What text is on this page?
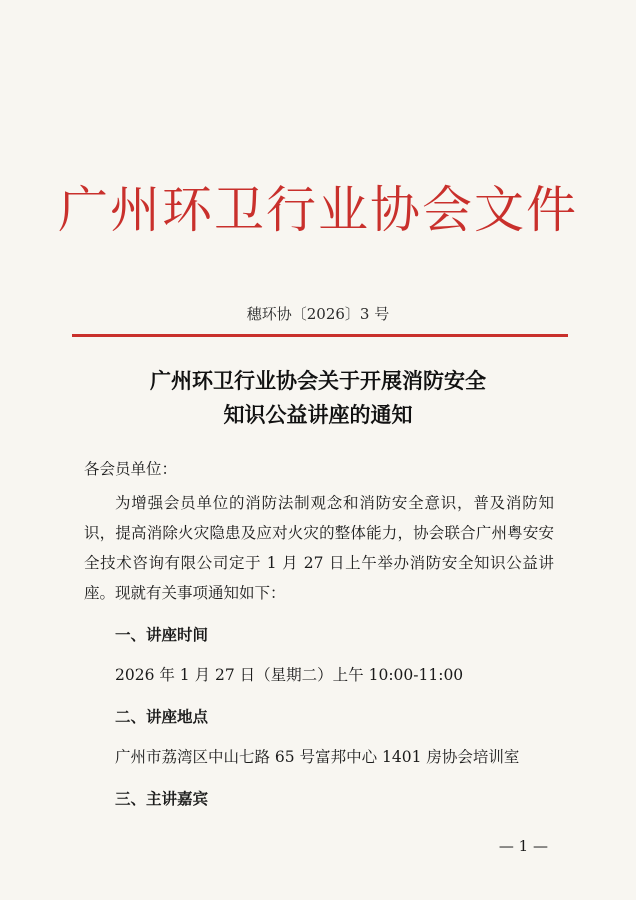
广州环卫行业协会文件
穗环协〔2026〕3 号
广州环卫行业协会关于开展消防安全
知识公益讲座的通知
各会员单位：

为增强会员单位的消防法制观念和消防安全意识，普及消防知识，提高消除火灾隐患及应对火灾的整体能力，协会联合广州粤安安全技术咨询有限公司定于 1 月 27 日上午举办消防安全知识公益讲座。现就有关事项通知如下：

一、讲座时间
2026 年 1 月 27 日（星期二）上午 10:00-11:00
二、讲座地点
广州市荔湾区中山七路 65 号富邦中心 1401 房协会培训室
三、主讲嘉宾
— 1 —
